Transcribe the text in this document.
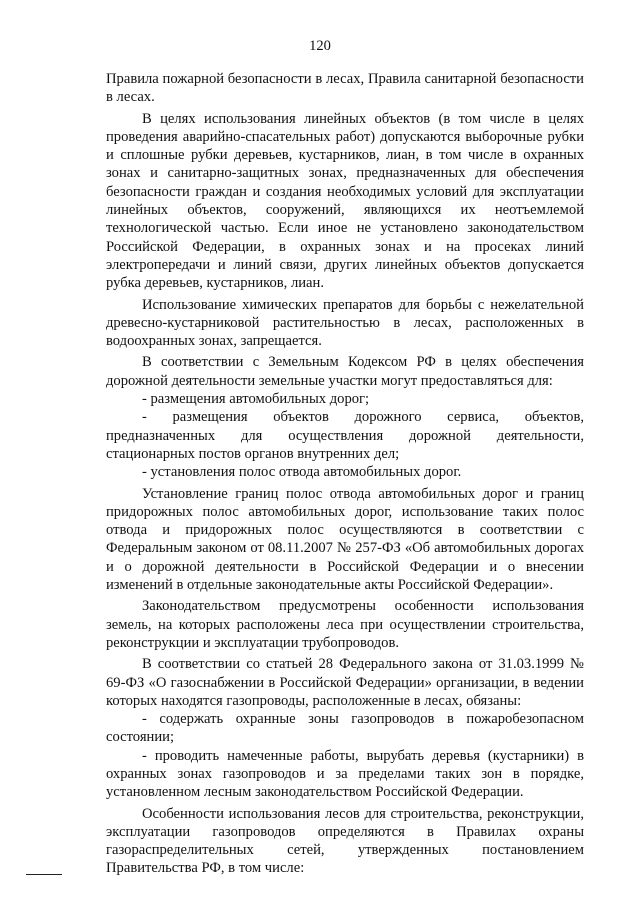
120

Правила пожарной безопасности в лесах, Правила санитарной безопасности в лесах.

В целях использования линейных объектов (в том числе в целях проведения аварийно-спасательных работ) допускаются выборочные рубки и сплошные рубки деревьев, кустарников, лиан, в том числе в охранных зонах и санитарно-защитных зонах, предназначенных для обеспечения безопасности граждан и создания необходимых условий для эксплуатации линейных объектов, сооружений, являющихся их неотъемлемой технологической частью. Если иное не установлено законодательством Российской Федерации, в охранных зонах и на просеках линий электропередачи и линий связи, других линейных объектов допускается рубка деревьев, кустарников, лиан.

Использование химических препаратов для борьбы с нежелательной древесно-кустарниковой растительностью в лесах, расположенных в водоохранных зонах, запрещается.

В соответствии с Земельным Кодексом РФ в целях обеспечения дорожной деятельности земельные участки могут предоставляться для:

- размещения автомобильных дорог;

- размещения объектов дорожного сервиса, объектов, предназначенных для осуществления дорожной деятельности, стационарных постов органов внутренних дел;

- установления полос отвода автомобильных дорог.

Установление границ полос отвода автомобильных дорог и границ придорожных полос автомобильных дорог, использование таких полос отвода и придорожных полос осуществляются в соответствии с Федеральным законом от 08.11.2007 № 257-ФЗ «Об автомобильных дорогах и о дорожной деятельности в Российской Федерации и о внесении изменений в отдельные законодательные акты Российской Федерации».

Законодательством предусмотрены особенности использования земель, на которых расположены леса при осуществлении строительства, реконструкции и эксплуатации трубопроводов.

В соответствии со статьей 28 Федерального закона от 31.03.1999 № 69-ФЗ «О газоснабжении в Российской Федерации» организации, в ведении которых находятся газопроводы, расположенные в лесах, обязаны:

- содержать охранные зоны газопроводов в пожаробезопасном состоянии;

- проводить намеченные работы, вырубать деревья (кустарники) в охранных зонах газопроводов и за пределами таких зон в порядке, установленном лесным законодательством Российской Федерации.

Особенности использования лесов для строительства, реконструкции, эксплуатации газопроводов определяются в Правилах охраны газораспределительных сетей, утвержденных постановлением Правительства РФ, в том числе:
